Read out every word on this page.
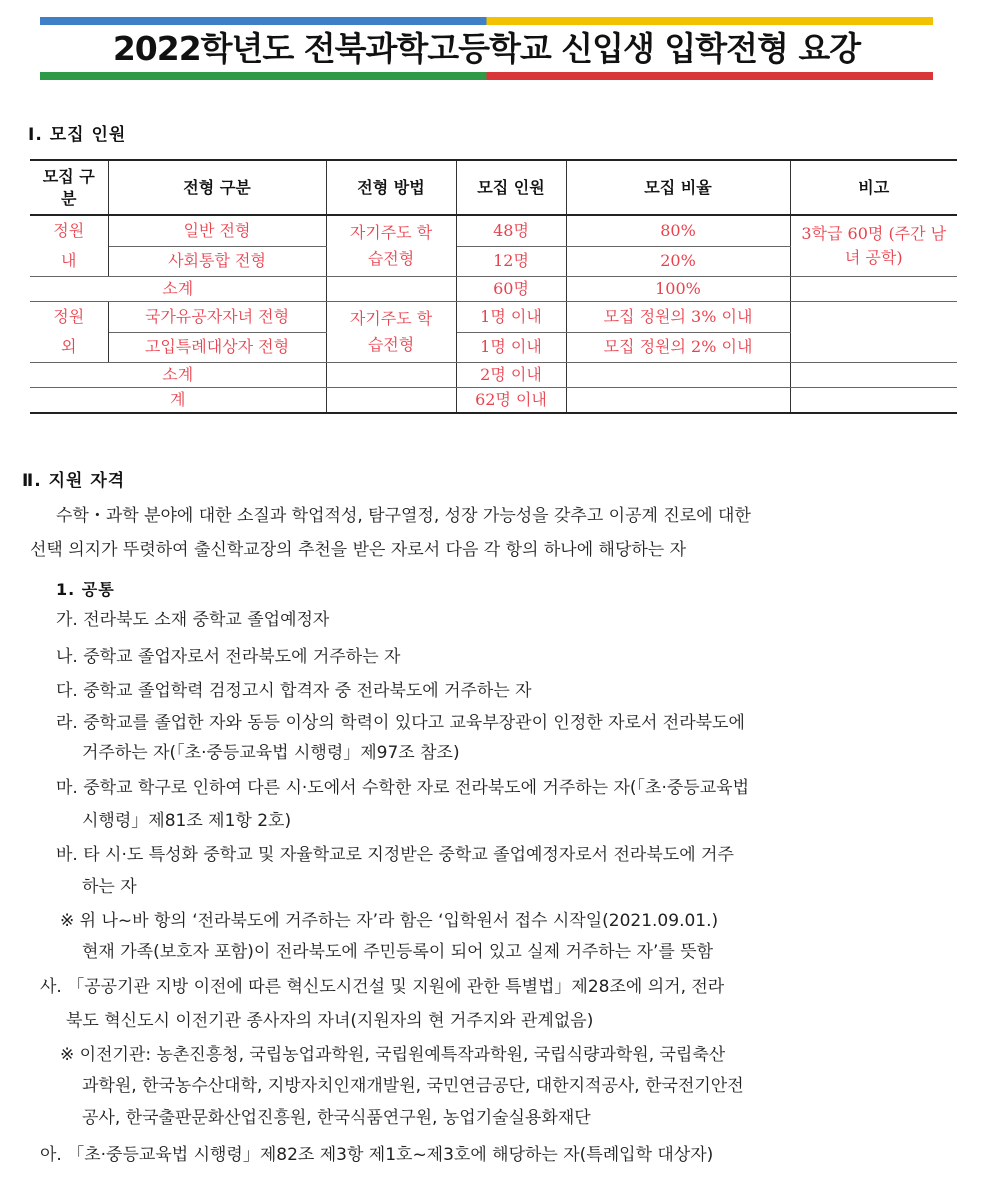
2022학년도 전북과학고등학교 신입생 입학전형 요강
Ⅰ. 모집 인원
모집 구분	전형 구분	전형 방법	모집 인원	모집 비율	비고
정원 내	일반 전형	자기주도 학습전형	48명	80%	3학급 60명 (주간 남녀 공학)
	사회통합 전형		12명	20%	
소계			60명	100%	
정원 외	국가유공자자녀 전형	자기주도 학습전형	1명 이내	모집 정원의 3% 이내	
	고입특례대상자 전형		1명 이내	모집 정원의 2% 이내	
소계			2명 이내		
계			62명 이내		
Ⅱ. 지원 자격
수학・과학 분야에 대한 소질과 학업적성, 탐구열정, 성장 가능성을 갖추고 이공계 진로에 대한
선택 의지가 뚜렷하여 출신학교장의 추천을 받은 자로서 다음 각 항의 하나에 해당하는 자
1. 공통
가. 전라북도 소재 중학교 졸업예정자
나. 중학교 졸업자로서 전라북도에 거주하는 자
다. 중학교 졸업학력 검정고시 합격자 중 전라북도에 거주하는 자
라. 중학교를 졸업한 자와 동등 이상의 학력이 있다고 교육부장관이 인정한 자로서 전라북도에
거주하는 자(「초·중등교육법 시행령」제97조 참조)
마. 중학교 학구로 인하여 다른 시·도에서 수학한 자로 전라북도에 거주하는 자(「초·중등교육법
시행령」제81조 제1항 2호)
바. 타 시·도 특성화 중학교 및 자율학교로 지정받은 중학교 졸업예정자로서 전라북도에 거주
하는 자
※ 위 나~바 항의 ‘전라북도에 거주하는 자’라 함은 ‘입학원서 접수 시작일(2021.09.01.)
현재 가족(보호자 포함)이 전라북도에 주민등록이 되어 있고 실제 거주하는 자’를 뜻함
사. 「공공기관 지방 이전에 따른 혁신도시건설 및 지원에 관한 특별법」제28조에 의거, 전라
북도 혁신도시 이전기관 종사자의 자녀(지원자의 현 거주지와 관계없음)
※ 이전기관: 농촌진흥청, 국립농업과학원, 국립원예특작과학원, 국립식량과학원, 국립축산
과학원, 한국농수산대학, 지방자치인재개발원, 국민연금공단, 대한지적공사, 한국전기안전
공사, 한국출판문화산업진흥원, 한국식품연구원, 농업기술실용화재단
아. 「초·중등교육법 시행령」제82조 제3항 제1호~제3호에 해당하는 자(특례입학 대상자)
